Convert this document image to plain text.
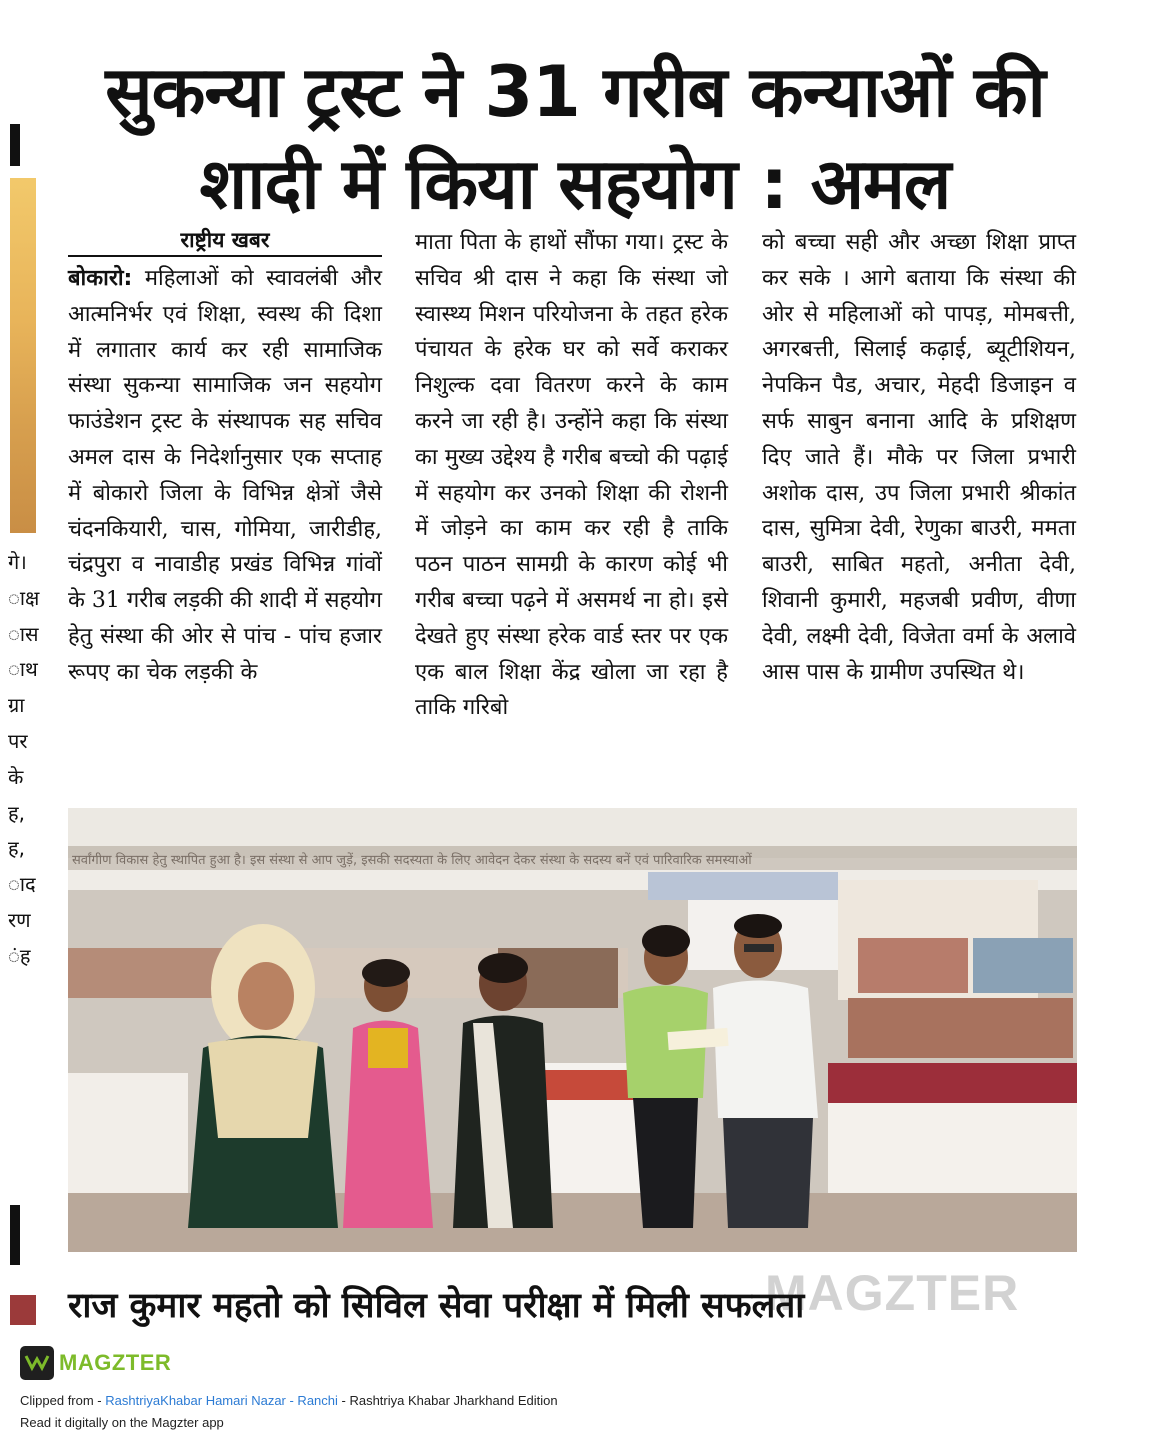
गे।
ाक्ष
ास
ाथ
ग्रा
पर
के
ह,
ह,
ाद
रण
ंह
सुकन्या ट्रस्ट ने 31 गरीब कन्याओं की शादी में किया सहयोग : अमल
राष्ट्रीय खबर
बोकारो: महिलाओं को स्वावलंबी और आत्मनिर्भर एवं शिक्षा, स्वस्थ की दिशा में लगातार कार्य कर रही सामाजिक संस्था सुकन्या सामाजिक जन सहयोग फाउंडेशन ट्रस्ट के संस्थापक सह सचिव अमल दास के निदेर्शानुसार एक सप्ताह में बोकारो जिला के विभिन्न क्षेत्रों जैसे चंदनकियारी, चास, गोमिया, जारीडीह, चंद्रपुरा व नावाडीह प्रखंड विभिन्न गांवों के 31 गरीब लड़की की शादी में सहयोग हेतु संस्था की ओर से पांच - पांच हजार रूपए का चेक लड़की के
माता पिता के हाथों सौंफा गया। ट्रस्ट के सचिव श्री दास ने कहा कि संस्था जो स्वास्थ्य मिशन परियोजना के तहत हरेक पंचायत के हरेक घर को सर्वे कराकर निशुल्क दवा वितरण करने के काम करने जा रही है। उन्होंने कहा कि संस्था का मुख्य उद्देश्य है गरीब बच्चो की पढ़ाई में सहयोग कर उनको शिक्षा की रोशनी में जोड़ने का काम कर रही है ताकि पठन पाठन सामग्री के कारण कोई भी गरीब बच्चा पढ़ने में असमर्थ ना हो। इसे देखते हुए संस्था हरेक वार्ड स्तर पर एक एक बाल शिक्षा केंद्र खोला जा रहा है ताकि गरिबो
को बच्चा सही और अच्छा शिक्षा प्राप्त कर सके । आगे बताया कि संस्था की ओर से महिलाओं को पापड़, मोमबत्ती, अगरबत्ती, सिलाई कढ़ाई, ब्यूटीशियन, नेपकिन पैड, अचार, मेहदी डिजाइन व सर्फ साबुन बनाना आदि के प्रशिक्षण दिए जाते हैं। मौके पर जिला प्रभारी अशोक दास, उप जिला प्रभारी श्रीकांत दास, सुमित्रा देवी, रेणुका बाउरी, ममता बाउरी, साबित महतो, अनीता देवी, शिवानी कुमारी, महजबी प्रवीण, वीणा देवी, लक्ष्मी देवी, विजेता वर्मा के अलावे आस पास के ग्रामीण उपस्थित थे।
सर्वांगीण विकास हेतु स्थापित हुआ है। इस संस्था से आप जुड़ें, इसकी सदस्यता के लिए आवेदन देकर संस्था के सदस्य बनें एवं पारिवारिक समस्याओं
MAGZTER
राज कुमार महतो को सिविल सेवा परीक्षा में मिली सफलता
MAGZTER
Clipped from - RashtriyaKhabar Hamari Nazar - Ranchi - Rashtriya Khabar Jharkhand Edition
Read it digitally on the Magzter app
